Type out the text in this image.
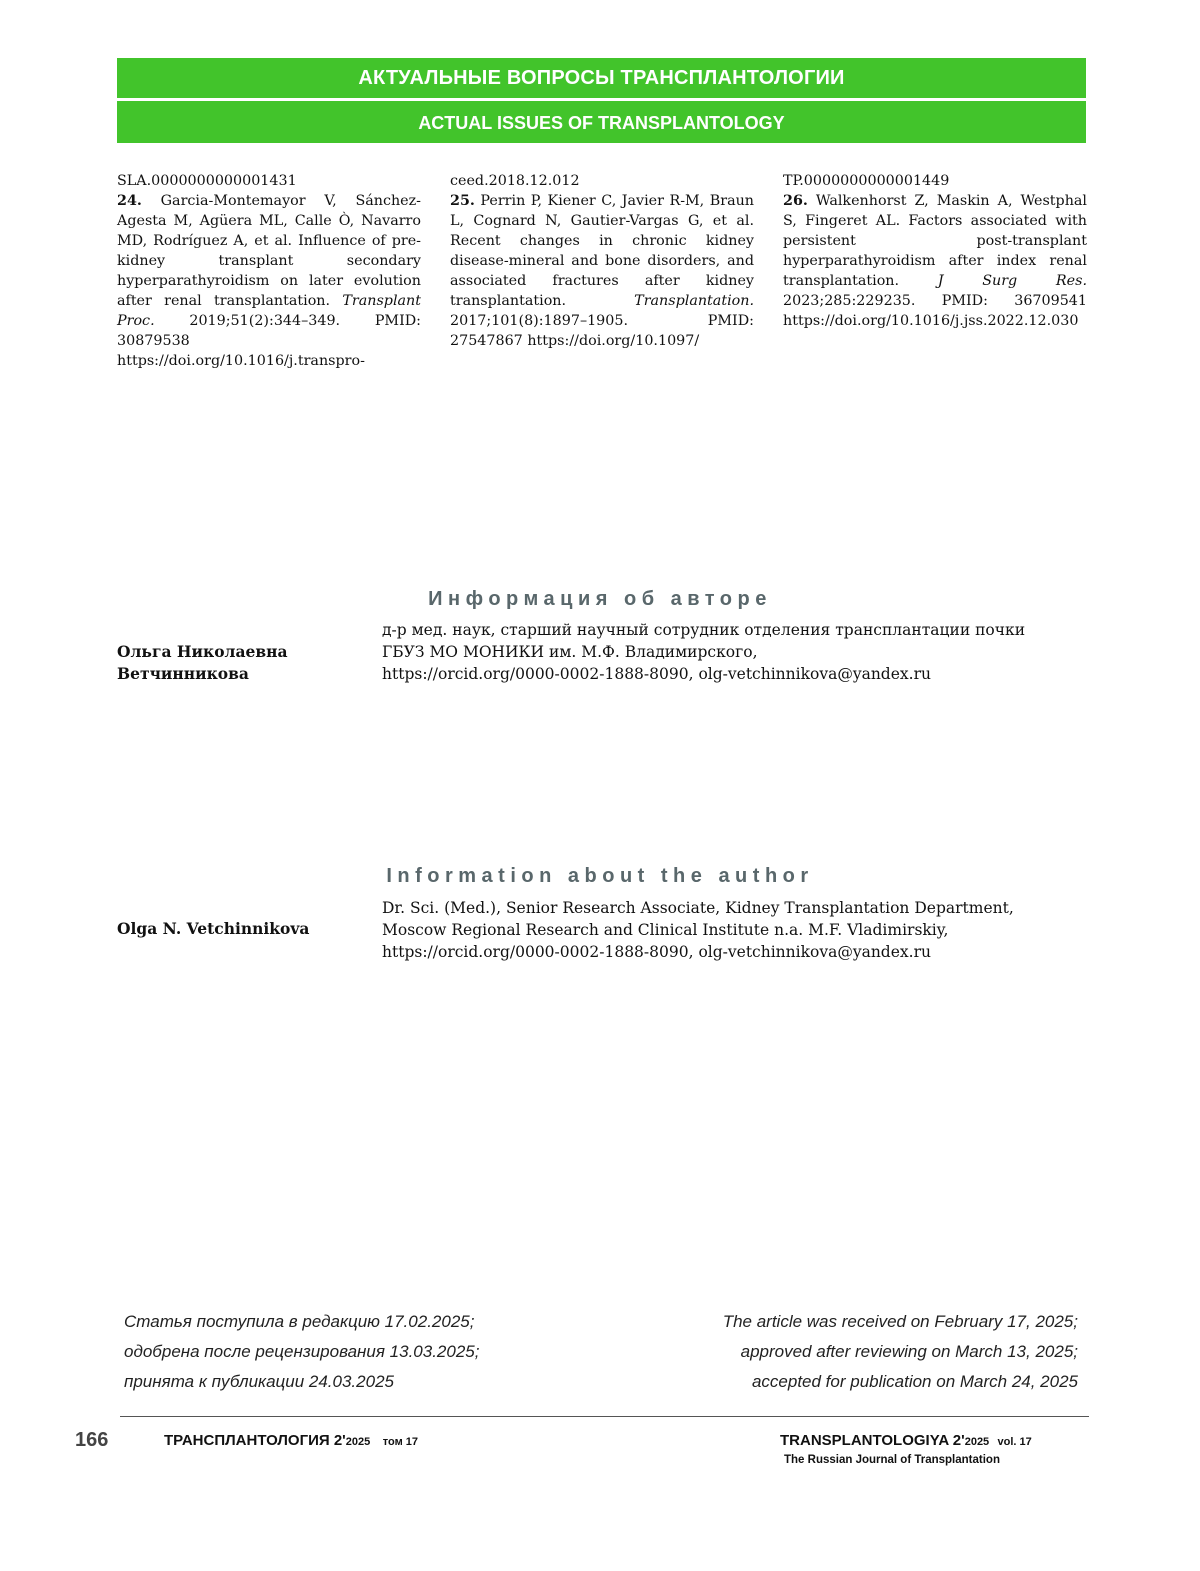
АКТУАЛЬНЫЕ ВОПРОСЫ ТРАНСПЛАНТОЛОГИИ
ACTUAL ISSUES OF TRANSPLANTOLOGY

SLA.0000000000001431

24. Garcia-Montemayor V, Sánchez-Agesta M, Agüera ML, Calle Ò, Navarro MD, Rodríguez A, et al. Influence of pre-kidney transplant secondary hyperparathyroidism on later evolution after renal transplantation. Transplant Proc. 2019;51(2):344–349. PMID: 30879538 https://doi.org/10.1016/j.transpro-

ceed.2018.12.012

25. Perrin P, Kiener C, Javier R-M, Braun L, Cognard N, Gautier-Vargas G, et al. Recent changes in chronic kidney disease-mineral and bone disorders, and associated fractures after kidney transplantation.	Transplantation. 2017;101(8):1897–1905. PMID: 27547867 https://doi.org/10.1097/

TP.0000000000001449

26. Walkenhorst Z, Maskin A, Westphal S, Fingeret AL. Factors associated with persistent post-transplant hyperparathyroidism after index renal transplantation.	J Surg Res. 2023;285:229235. PMID: 36709541 https://doi.org/10.1016/j.jss.2022.12.030

Информация об авторе
Ольга Николаевна
Ветчинникова
д-р мед. наук, старший научный сотрудник отделения трансплантации почки
ГБУЗ МО МОНИКИ им. М.Ф. Владимирского,
https://orcid.org/0000-0002-1888-8090, olg-vetchinnikova@yandex.ru
Information about the author
Olga N. Vetchinnikova
Dr. Sci. (Med.), Senior Research Associate, Kidney Transplantation Department,
Moscow Regional Research and Clinical Institute n.a. M.F. Vladimirskiy,
https://orcid.org/0000-0002-1888-8090, olg-vetchinnikova@yandex.ru
Статья поступила в редакцию 17.02.2025;
одобрена после рецензирования 13.03.2025;
принята к публикации 24.03.2025
The article was received on February 17, 2025;
approved after reviewing on March 13, 2025;
accepted for publication on March 24, 2025
166	ТРАНСПЛАНТОЛОГИЯ 2'2025 том 17	TRANSPLANTOLOGIYA 2'2025 vol. 17
The Russian Journal of Transplantation
